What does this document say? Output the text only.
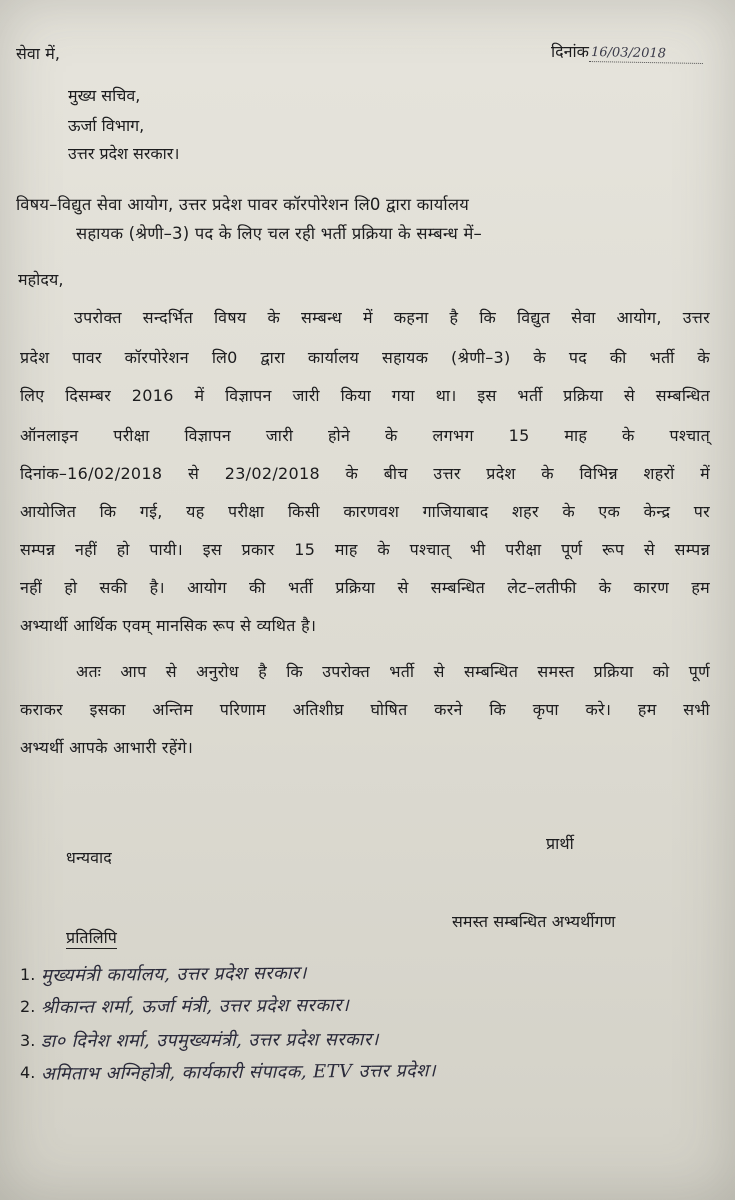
सेवा में,	दिनांक 16/03/2018
मुख्य सचिव,
ऊर्जा विभाग,
उत्तर प्रदेश सरकार।
विषय–विद्युत सेवा आयोग, उत्तर प्रदेश पावर कॉरपोरेशन लि0 द्वारा कार्यालय
सहायक (श्रेणी–3) पद के लिए चल रही भर्ती प्रक्रिया के सम्बन्ध में–
महोदय,
उपरोक्त सन्दर्भित विषय के सम्बन्ध में कहना है कि विद्युत सेवा आयोग, उत्तर
प्रदेश पावर कॉरपोरेशन लि0 द्वारा कार्यालय सहायक (श्रेणी–3) के पद की भर्ती के
लिए दिसम्बर 2016 में विज्ञापन जारी किया गया था। इस भर्ती प्रक्रिया से सम्बन्धित
ऑनलाइन परीक्षा विज्ञापन जारी होने के लगभग 15 माह के पश्चात्
दिनांक–16/02/2018 से 23/02/2018 के बीच उत्तर प्रदेश के विभिन्न शहरों में
आयोजित कि गई, यह परीक्षा किसी कारणवश गाजियाबाद शहर के एक केन्द्र पर
सम्पन्न नहीं हो पायी। इस प्रकार 15 माह के पश्चात् भी परीक्षा पूर्ण रूप से सम्पन्न
नहीं हो सकी है। आयोग की भर्ती प्रक्रिया से सम्बन्धित लेट–लतीफी के कारण हम
अभ्यार्थी आर्थिक एवम् मानसिक रूप से व्यथित है।
अतः आप से अनुरोध है कि उपरोक्त भर्ती से सम्बन्धित समस्त प्रक्रिया को पूर्ण
कराकर इसका अन्तिम परिणाम अतिशीघ्र घोषित करने कि कृपा करे। हम सभी
अभ्यर्थी आपके आभारी रहेंगे।
प्रार्थी
धन्यवाद
समस्त सम्बन्धित अभ्यर्थीगण
प्रतिलिपि
1. मुख्यमंत्री कार्यालय, उत्तर प्रदेश सरकार।
2. श्रीकान्त शर्मा, ऊर्जा मंत्री, उत्तर प्रदेश सरकार।
3. डा० दिनेश शर्मा, उपमुख्यमंत्री, उत्तर प्रदेश सरकार।
4. अमिताभ अग्निहोत्री, कार्यकारी संपादक, ETV उत्तर प्रदेश।
